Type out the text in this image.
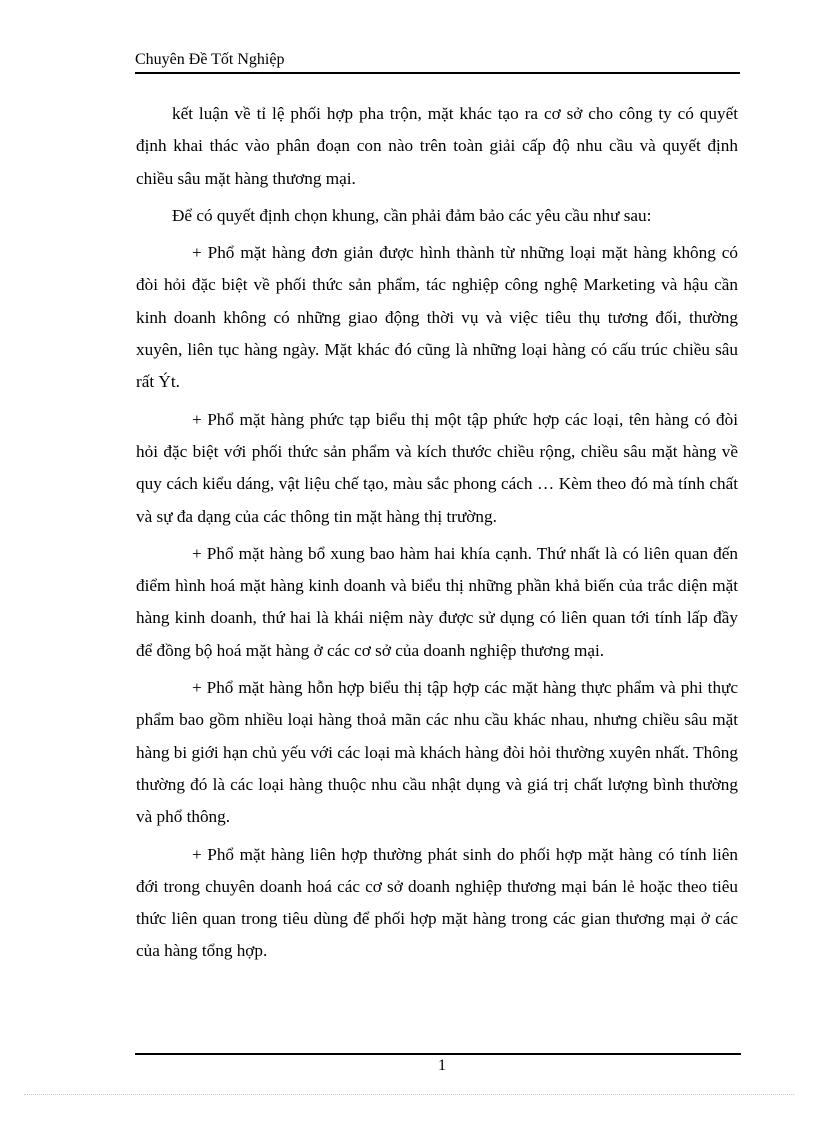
Chuyên Đề Tốt Nghiệp

kết luận về tỉ lệ phối hợp pha trộn, mặt khác tạo ra cơ sở cho công ty có quyết định khai thác vào phân đoạn con nào trên toàn giải cấp độ nhu cầu và quyết định chiều sâu mặt hàng thương mại.

Để có quyết định chọn khung, cần phải đảm bảo các yêu cầu như sau:

+ Phổ mặt hàng đơn giản được hình thành từ những loại mặt hàng không có đòi hỏi đặc biệt về phối thức sản phẩm, tác nghiệp công nghệ Marketing và hậu cần kinh doanh không có những giao động thời vụ và việc tiêu thụ tương đối, thường xuyên, liên tục hàng ngày. Mặt khác đó cũng là những loại hàng có cấu trúc chiều sâu rất Ýt.

+ Phổ mặt hàng phức tạp biểu thị một tập phức hợp các loại, tên hàng có đòi hỏi đặc biệt với phối thức sản phẩm và kích thước chiều rộng, chiều sâu mặt hàng về quy cách kiểu dáng, vật liệu chế tạo, màu sắc phong cách … Kèm theo đó mà tính chất và sự đa dạng của các thông tin mặt hàng thị trường.

+ Phổ mặt hàng bổ xung bao hàm hai khía cạnh. Thứ nhất là có liên quan đến điểm hình hoá mặt hàng kinh doanh và biểu thị những phần khả biến của trắc diện mặt hàng kinh doanh, thứ hai là khái niệm này được sử dụng có liên quan tới tính lấp đầy để đồng bộ hoá mặt hàng ở các cơ sở của doanh nghiệp thương mại.

+ Phổ mặt hàng hỗn hợp biểu thị tập hợp các mặt hàng thực phẩm và phi thực phẩm bao gồm nhiều loại hàng thoả mãn các nhu cầu khác nhau, nhưng chiều sâu mặt hàng bi giới hạn chủ yếu với các loại mà khách hàng đòi hỏi thường xuyên nhất. Thông thường đó là các loại hàng thuộc nhu cầu nhật dụng và giá trị chất lượng bình thường và phổ thông.

+ Phổ mặt hàng liên hợp thường phát sinh do phối hợp mặt hàng có tính liên đới trong chuyên doanh hoá các cơ sở doanh nghiệp thương mại bán lẻ hoặc theo tiêu thức liên quan trong tiêu dùng để phối hợp mặt hàng trong các gian thương mại ở các của hàng tổng hợp.

1
